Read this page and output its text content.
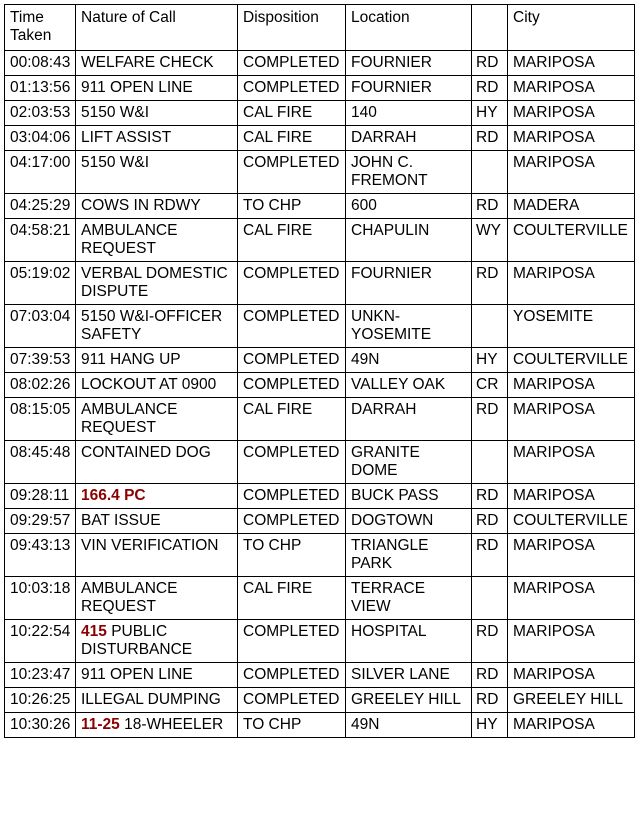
Time Taken	Nature of Call	Disposition	Location		City
00:08:43	WELFARE CHECK	COMPLETED	FOURNIER	RD	MARIPOSA
01:13:56	911 OPEN LINE	COMPLETED	FOURNIER	RD	MARIPOSA
02:03:53	5150 W&I	CAL FIRE	140	HY	MARIPOSA
03:04:06	LIFT ASSIST	CAL FIRE	DARRAH	RD	MARIPOSA
04:17:00	5150 W&I	COMPLETED	JOHN C. FREMONT		MARIPOSA
04:25:29	COWS IN RDWY	TO CHP	600	RD	MADERA
04:58:21	AMBULANCE REQUEST	CAL FIRE	CHAPULIN	WY	COULTERVILLE
05:19:02	VERBAL DOMESTIC DISPUTE	COMPLETED	FOURNIER	RD	MARIPOSA
07:03:04	5150 W&I-OFFICER SAFETY	COMPLETED	UNKN-YOSEMITE		YOSEMITE
07:39:53	911 HANG UP	COMPLETED	49N	HY	COULTERVILLE
08:02:26	LOCKOUT AT 0900	COMPLETED	VALLEY OAK	CR	MARIPOSA
08:15:05	AMBULANCE REQUEST	CAL FIRE	DARRAH	RD	MARIPOSA
08:45:48	CONTAINED DOG	COMPLETED	GRANITE DOME		MARIPOSA
09:28:11	166.4 PC	COMPLETED	BUCK PASS	RD	MARIPOSA
09:29:57	BAT ISSUE	COMPLETED	DOGTOWN	RD	COULTERVILLE
09:43:13	VIN VERIFICATION	TO CHP	TRIANGLE PARK	RD	MARIPOSA
10:03:18	AMBULANCE REQUEST	CAL FIRE	TERRACE VIEW		MARIPOSA
10:22:54	415 PUBLIC DISTURBANCE	COMPLETED	HOSPITAL	RD	MARIPOSA
10:23:47	911 OPEN LINE	COMPLETED	SILVER LANE	RD	MARIPOSA
10:26:25	ILLEGAL DUMPING	COMPLETED	GREELEY HILL	RD	GREELEY HILL
10:30:26	11-25 18-WHEELER	TO CHP	49N	HY	MARIPOSA
